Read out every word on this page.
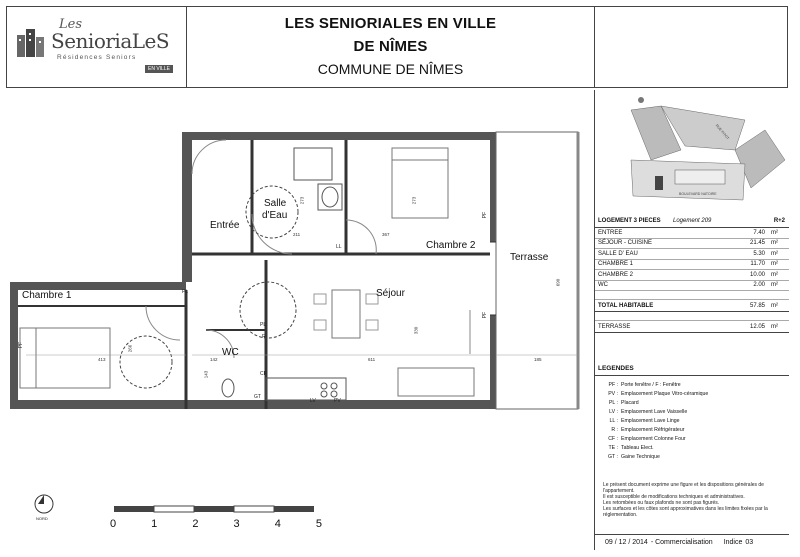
Les
SenioriaLeS
Résidences Seniors
EN VILLE
LES SENIORIALES EN VILLE
DE NÎMES
COMMUNE DE NÎMES
Entrée
Salle
d'Eau
Chambre 2
Terrasse
Chambre 1	Séjour
WC
273
211	367
273
690
413
266
142
143
611
330
185
LL
PF
PF
PF
PL
PL
R
CF
GT
LV	PV
NORD	0	1	2	3	4	5
BOULEVARD NATOIRE
RUE PITOT
LOGEMENT 3 PIECES	Logement 209	R+2
ENTREE	7.40	m²
SÉJOUR - CUISINE	21.45	m²
SALLE D' EAU	5.30	m²
CHAMBRE 1	11.70	m²
CHAMBRE 2	10.00	m²
WC	2.00	m²
TOTAL HABITABLE	57.85	m²
TERRASSE	12.05	m²
LEGENDES
PF : Porte fenêtre / F : Fenêtre
PV : Emplacement Plaque Vitro-céramique
PL : Placard
LV : Emplacement Lave Vaisselle
LL : Emplacement Lave Linge
R : Emplacement Réfrigérateur
CF : Emplacement Colonne Four
TE : Tableau Elect.
GT : Gaine Technique
Le présent document exprime une figure et les dispositions générales de
l'appartement.
Il est susceptible de modifications techniques et administratives.
Les retombées ou faux plafonds ne sont pas figurés.
Les surfaces et les côtes sont approximatives dans les limites fixées par la
réglementation.
09 / 12 / 2014 - Commercialisation Indice 03
